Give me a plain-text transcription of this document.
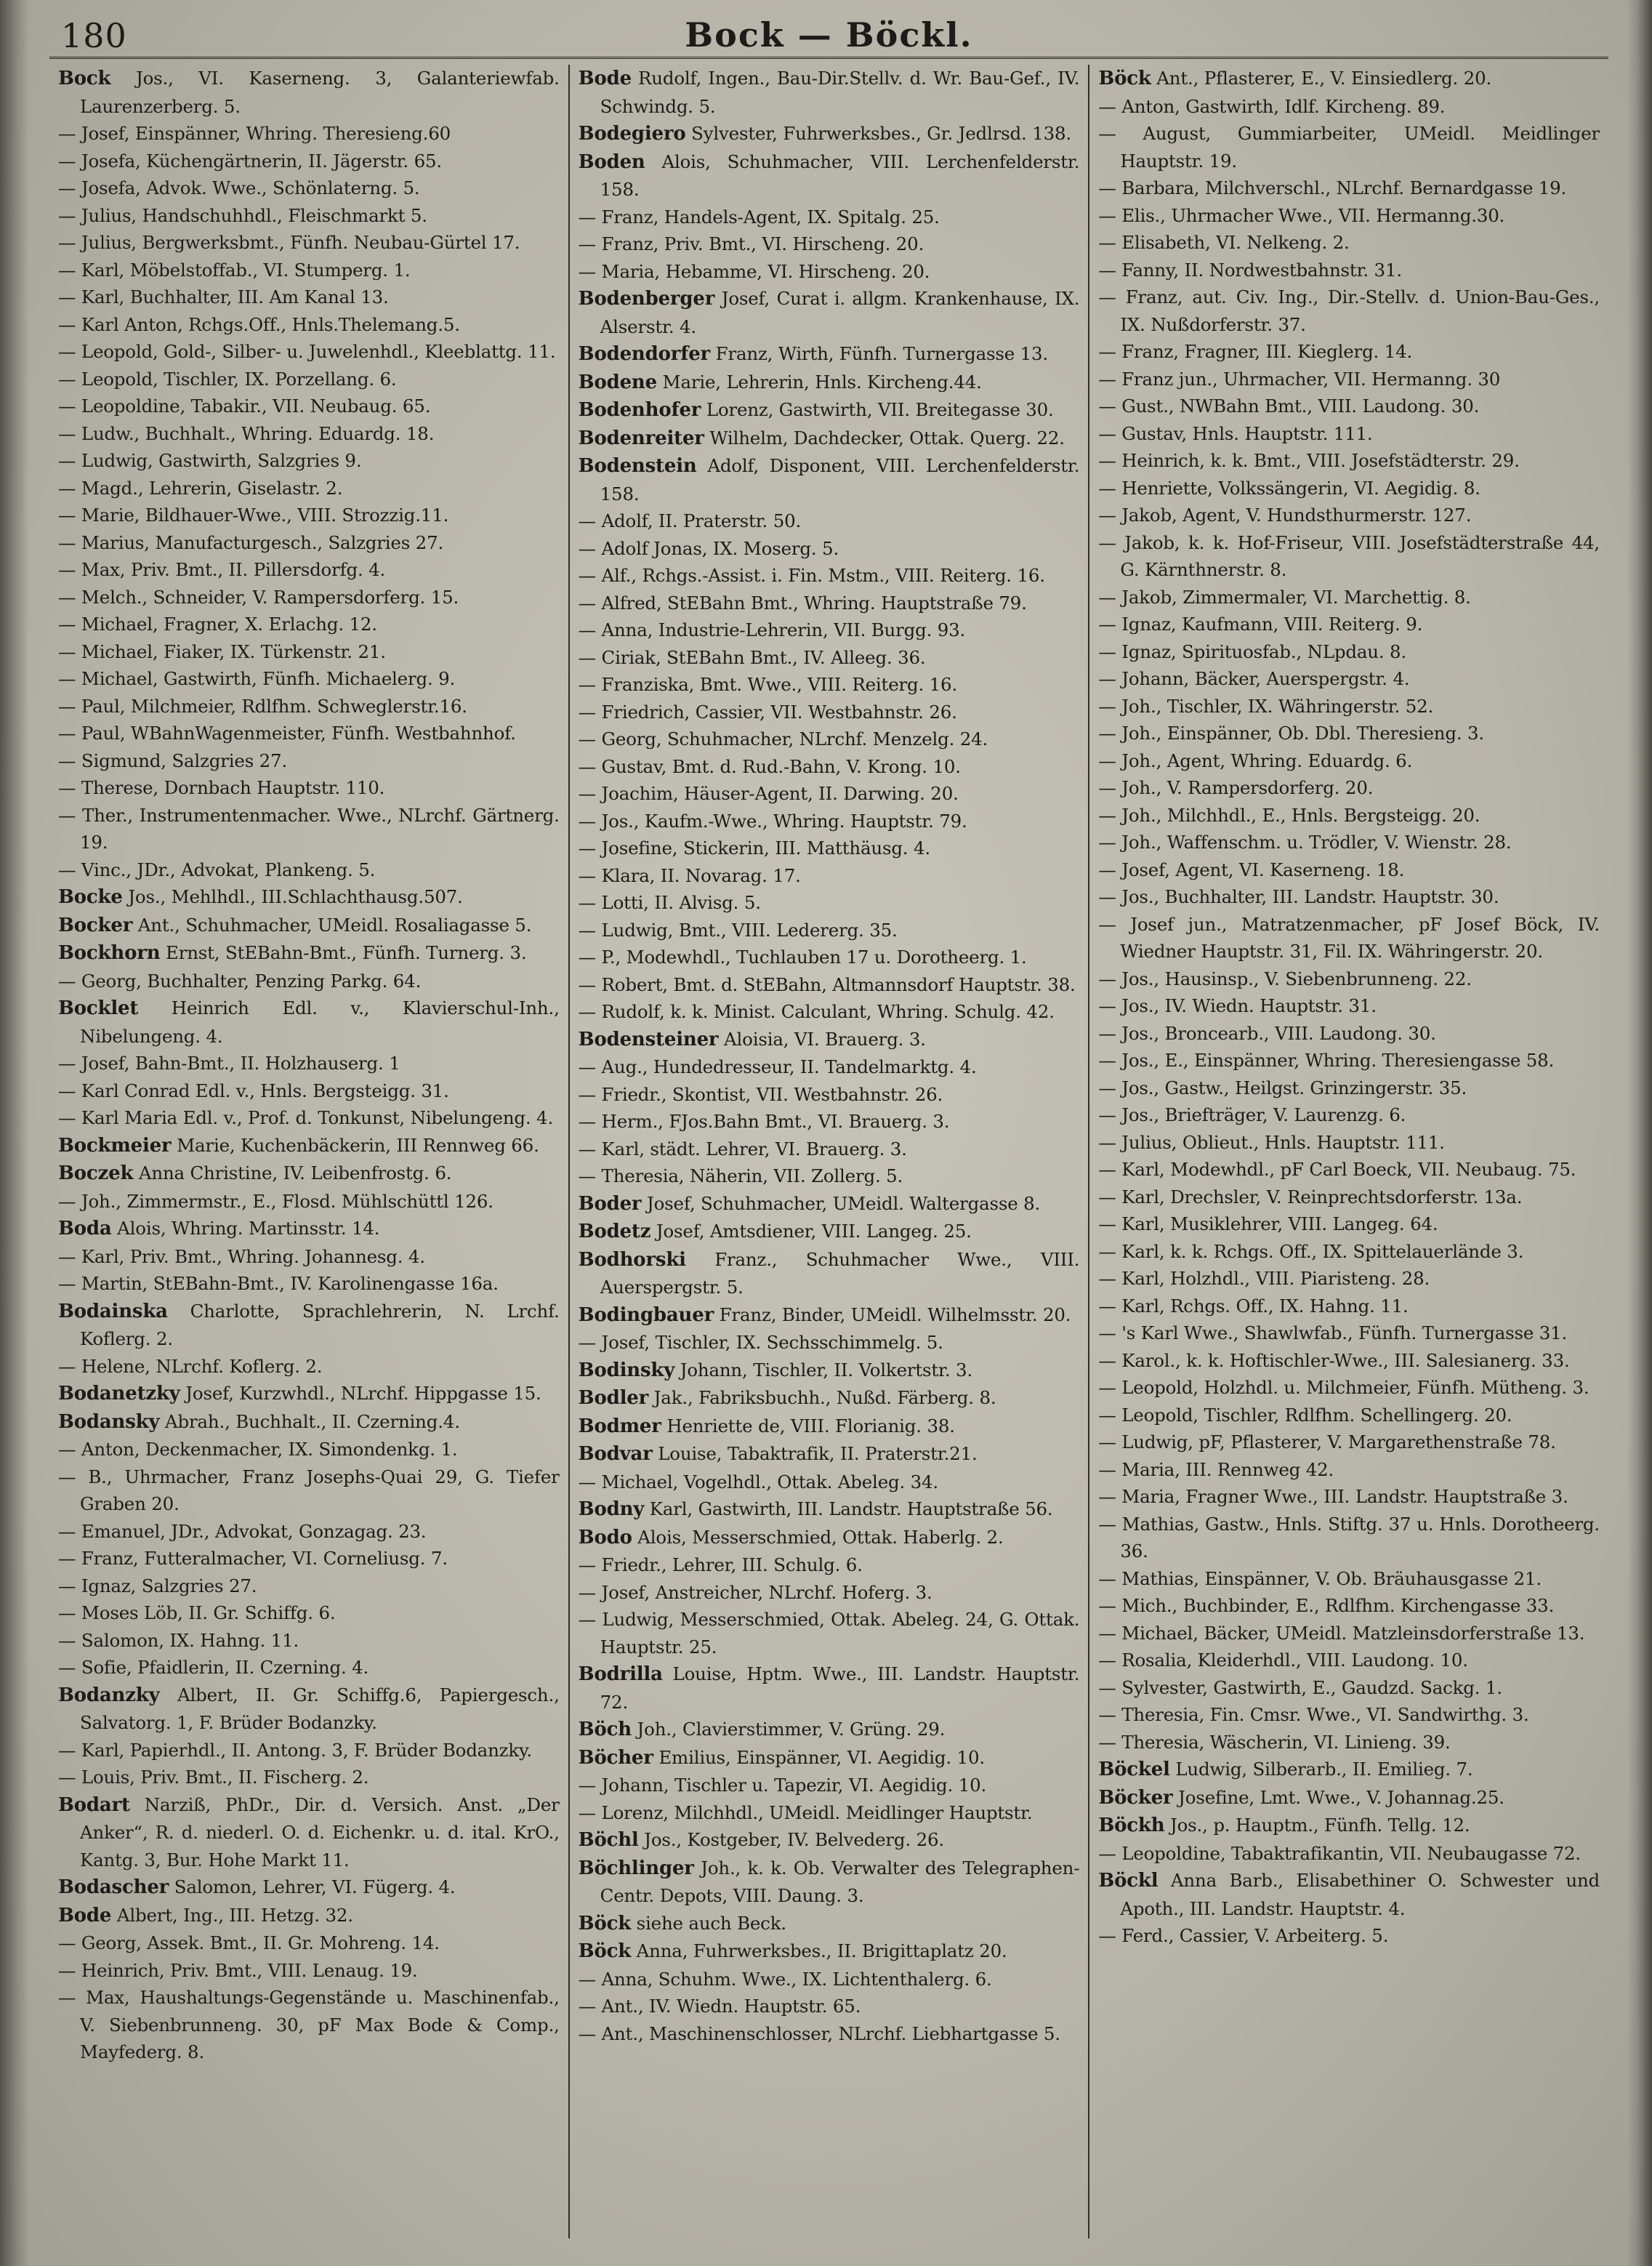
180	Bock — Böckl.
Bock Jos., VI. Kaserneng. 3, Galanteriewfab. Laurenzerberg. 5.
— Josef, Einspänner, Whring. Theresieng.60
— Josefa, Küchengärtnerin, II. Jägerstr. 65.
— Josefa, Advok. Wwe., Schönlaterng. 5.
— Julius, Handschuhhdl., Fleischmarkt 5.
— Julius, Bergwerksbmt., Fünfh. Neubau-Gürtel 17.
— Karl, Möbelstoffab., VI. Stumperg. 1.
— Karl, Buchhalter, III. Am Kanal 13.
— Karl Anton, Rchgs.Off., Hnls.Thelemang.5.
— Leopold, Gold-, Silber- u. Juwelenhdl., Kleeblattg. 11.
— Leopold, Tischler, IX. Porzellang. 6.
— Leopoldine, Tabakir., VII. Neubaug. 65.
— Ludw., Buchhalt., Whring. Eduardg. 18.
— Ludwig, Gastwirth, Salzgries 9.
— Magd., Lehrerin, Giselastr. 2.
— Marie, Bildhauer-Wwe., VIII. Strozzig.11.
— Marius, Manufacturgesch., Salzgries 27.
— Max, Priv. Bmt., II. Pillersdorfg. 4.
— Melch., Schneider, V. Rampersdorferg. 15.
— Michael, Fragner, X. Erlachg. 12.
— Michael, Fiaker, IX. Türkenstr. 21.
— Michael, Gastwirth, Fünfh. Michaelerg. 9.
— Paul, Milchmeier, Rdlfhm. Schweglerstr.16.
— Paul, WBahnWagenmeister, Fünfh. Westbahnhof.
— Sigmund, Salzgries 27.
— Therese, Dornbach Hauptstr. 110.
— Ther., Instrumentenmacher. Wwe., NLrchf. Gärtnerg. 19.
— Vinc., JDr., Advokat, Plankeng. 5.
Bocke Jos., Mehlhdl., III.Schlachthausg.507.
Bocker Ant., Schuhmacher, UMeidl. Rosaliagasse 5.
Bockhorn Ernst, StEBahn-Bmt., Fünfh. Turnerg. 3.
— Georg, Buchhalter, Penzing Parkg. 64.
Bocklet Heinrich Edl. v., Klavierschul-Inh., Nibelungeng. 4.
— Josef, Bahn-Bmt., II. Holzhauserg. 1
— Karl Conrad Edl. v., Hnls. Bergsteigg. 31.
— Karl Maria Edl. v., Prof. d. Tonkunst, Nibelungeng. 4.
Bockmeier Marie, Kuchenbäckerin, III Rennweg 66.
Boczek Anna Christine, IV. Leibenfrostg. 6.
— Joh., Zimmermstr., E., Flosd. Mühlschüttl 126.
Boda Alois, Whring. Martinsstr. 14.
— Karl, Priv. Bmt., Whring. Johannesg. 4.
— Martin, StEBahn-Bmt., IV. Karolinengasse 16a.
Bodainska Charlotte, Sprachlehrerin, N. Lrchf. Koflerg. 2.
— Helene, NLrchf. Koflerg. 2.
Bodanetzky Josef, Kurzwhdl., NLrchf. Hippgasse 15.
Bodansky Abrah., Buchhalt., II. Czerning.4.
— Anton, Deckenmacher, IX. Simondenkg. 1.
— B., Uhrmacher, Franz Josephs-Quai 29, G. Tiefer Graben 20.
— Emanuel, JDr., Advokat, Gonzagag. 23.
— Franz, Futteralmacher, VI. Corneliusg. 7.
— Ignaz, Salzgries 27.
— Moses Löb, II. Gr. Schiffg. 6.
— Salomon, IX. Hahng. 11.
— Sofie, Pfaidlerin, II. Czerning. 4.
Bodanzky Albert, II. Gr. Schiffg.6, Papiergesch., Salvatorg. 1, F. Brüder Bodanzky.
— Karl, Papierhdl., II. Antong. 3, F. Brüder Bodanzky.
— Louis, Priv. Bmt., II. Fischerg. 2.
Bodart Narziß, PhDr., Dir. d. Versich. Anst. „Der Anker“, R. d. niederl. O. d. Eichenkr. u. d. ital. KrO., Kantg. 3, Bur. Hohe Markt 11.
Bodascher Salomon, Lehrer, VI. Fügerg. 4.
Bode Albert, Ing., III. Hetzg. 32.
— Georg, Assek. Bmt., II. Gr. Mohreng. 14.
— Heinrich, Priv. Bmt., VIII. Lenaug. 19.
— Max, Haushaltungs-Gegenstände u. Maschinenfab., V. Siebenbrunneng. 30, pF Max Bode & Comp., Mayfederg. 8.
Bode Rudolf, Ingen., Bau-Dir.Stellv. d. Wr. Bau-Gef., IV. Schwindg. 5.
Bodegiero Sylvester, Fuhrwerksbes., Gr. Jedlrsd. 138.
Boden Alois, Schuhmacher, VIII. Lerchenfelderstr. 158.
— Franz, Handels-Agent, IX. Spitalg. 25.
— Franz, Priv. Bmt., VI. Hirscheng. 20.
— Maria, Hebamme, VI. Hirscheng. 20.
Bodenberger Josef, Curat i. allgm. Krankenhause, IX. Alserstr. 4.
Bodendorfer Franz, Wirth, Fünfh. Turnergasse 13.
Bodene Marie, Lehrerin, Hnls. Kircheng.44.
Bodenhofer Lorenz, Gastwirth, VII. Breitegasse 30.
Bodenreiter Wilhelm, Dachdecker, Ottak. Querg. 22.
Bodenstein Adolf, Disponent, VIII. Lerchenfelderstr. 158.
— Adolf, II. Praterstr. 50.
— Adolf Jonas, IX. Moserg. 5.
— Alf., Rchgs.-Assist. i. Fin. Mstm., VIII. Reiterg. 16.
— Alfred, StEBahn Bmt., Whring. Hauptstraße 79.
— Anna, Industrie-Lehrerin, VII. Burgg. 93.
— Ciriak, StEBahn Bmt., IV. Alleeg. 36.
— Franziska, Bmt. Wwe., VIII. Reiterg. 16.
— Friedrich, Cassier, VII. Westbahnstr. 26.
— Georg, Schuhmacher, NLrchf. Menzelg. 24.
— Gustav, Bmt. d. Rud.-Bahn, V. Krong. 10.
— Joachim, Häuser-Agent, II. Darwing. 20.
— Jos., Kaufm.-Wwe., Whring. Hauptstr. 79.
— Josefine, Stickerin, III. Matthäusg. 4.
— Klara, II. Novarag. 17.
— Lotti, II. Alvisg. 5.
— Ludwig, Bmt., VIII. Ledererg. 35.
— P., Modewhdl., Tuchlauben 17 u. Dorotheerg. 1.
— Robert, Bmt. d. StEBahn, Altmannsdorf Hauptstr. 38.
— Rudolf, k. k. Minist. Calculant, Whring. Schulg. 42.
Bodensteiner Aloisia, VI. Brauerg. 3.
— Aug., Hundedresseur, II. Tandelmarktg. 4.
— Friedr., Skontist, VII. Westbahnstr. 26.
— Herm., FJos.Bahn Bmt., VI. Brauerg. 3.
— Karl, städt. Lehrer, VI. Brauerg. 3.
— Theresia, Näherin, VII. Zollerg. 5.
Boder Josef, Schuhmacher, UMeidl. Waltergasse 8.
Bodetz Josef, Amtsdiener, VIII. Langeg. 25.
Bodhorski Franz., Schuhmacher Wwe., VIII. Auerspergstr. 5.
Bodingbauer Franz, Binder, UMeidl. Wilhelmsstr. 20.
— Josef, Tischler, IX. Sechsschimmelg. 5.
Bodinsky Johann, Tischler, II. Volkertstr. 3.
Bodler Jak., Fabriksbuchh., Nußd. Färberg. 8.
Bodmer Henriette de, VIII. Florianig. 38.
Bodvar Louise, Tabaktrafik, II. Praterstr.21.
— Michael, Vogelhdl., Ottak. Abeleg. 34.
Bodny Karl, Gastwirth, III. Landstr. Hauptstraße 56.
Bodo Alois, Messerschmied, Ottak. Haberlg. 2.
— Friedr., Lehrer, III. Schulg. 6.
— Josef, Anstreicher, NLrchf. Hoferg. 3.
— Ludwig, Messerschmied, Ottak. Abeleg. 24, G. Ottak. Hauptstr. 25.
Bodrilla Louise, Hptm. Wwe., III. Landstr. Hauptstr. 72.
Böch Joh., Clavierstimmer, V. Grüng. 29.
Böcher Emilius, Einspänner, VI. Aegidig. 10.
— Johann, Tischler u. Tapezir, VI. Aegidig. 10.
— Lorenz, Milchhdl., UMeidl. Meidlinger Hauptstr.
Böchl Jos., Kostgeber, IV. Belvederg. 26.
Böchlinger Joh., k. k. Ob. Verwalter des Telegraphen-Centr. Depots, VIII. Daung. 3.
Böck siehe auch Beck.
Böck Anna, Fuhrwerksbes., II. Brigittaplatz 20.
— Anna, Schuhm. Wwe., IX. Lichtenthalerg. 6.
— Ant., IV. Wiedn. Hauptstr. 65.
— Ant., Maschinenschlosser, NLrchf. Liebhartgasse 5.
Böck Ant., Pflasterer, E., V. Einsiedlerg. 20.
— Anton, Gastwirth, Idlf. Kircheng. 89.
— August, Gummiarbeiter, UMeidl. Meidlinger Hauptstr. 19.
— Barbara, Milchverschl., NLrchf. Bernardgasse 19.
— Elis., Uhrmacher Wwe., VII. Hermanng.30.
— Elisabeth, VI. Nelkeng. 2.
— Fanny, II. Nordwestbahnstr. 31.
— Franz, aut. Civ. Ing., Dir.-Stellv. d. Union-Bau-Ges., IX. Nußdorferstr. 37.
— Franz, Fragner, III. Kieglerg. 14.
— Franz jun., Uhrmacher, VII. Hermanng. 30
— Gust., NWBahn Bmt., VIII. Laudong. 30.
— Gustav, Hnls. Hauptstr. 111.
— Heinrich, k. k. Bmt., VIII. Josefstädterstr. 29.
— Henriette, Volkssängerin, VI. Aegidig. 8.
— Jakob, Agent, V. Hundsthurmerstr. 127.
— Jakob, k. k. Hof-Friseur, VIII. Josefstädterstraße 44, G. Kärnthnerstr. 8.
— Jakob, Zimmermaler, VI. Marchettig. 8.
— Ignaz, Kaufmann, VIII. Reiterg. 9.
— Ignaz, Spirituosfab., NLpdau. 8.
— Johann, Bäcker, Auerspergstr. 4.
— Joh., Tischler, IX. Währingerstr. 52.
— Joh., Einspänner, Ob. Dbl. Theresieng. 3.
— Joh., Agent, Whring. Eduardg. 6.
— Joh., V. Rampersdorferg. 20.
— Joh., Milchhdl., E., Hnls. Bergsteigg. 20.
— Joh., Waffenschm. u. Trödler, V. Wienstr. 28.
— Josef, Agent, VI. Kaserneng. 18.
— Jos., Buchhalter, III. Landstr. Hauptstr. 30.
— Josef jun., Matratzenmacher, pF Josef Böck, IV. Wiedner Hauptstr. 31, Fil. IX. Währingerstr. 20.
— Jos., Hausinsp., V. Siebenbrunneng. 22.
— Jos., IV. Wiedn. Hauptstr. 31.
— Jos., Broncearb., VIII. Laudong. 30.
— Jos., E., Einspänner, Whring. Theresiengasse 58.
— Jos., Gastw., Heilgst. Grinzingerstr. 35.
— Jos., Briefträger, V. Laurenzg. 6.
— Julius, Oblieut., Hnls. Hauptstr. 111.
— Karl, Modewhdl., pF Carl Boeck, VII. Neubaug. 75.
— Karl, Drechsler, V. Reinprechtsdorferstr. 13a.
— Karl, Musiklehrer, VIII. Langeg. 64.
— Karl, k. k. Rchgs. Off., IX. Spittelauerlände 3.
— Karl, Holzhdl., VIII. Piaristeng. 28.
— Karl, Rchgs. Off., IX. Hahng. 11.
— 's Karl Wwe., Shawlwfab., Fünfh. Turnergasse 31.
— Karol., k. k. Hoftischler-Wwe., III. Salesianerg. 33.
— Leopold, Holzhdl. u. Milchmeier, Fünfh. Mütheng. 3.
— Leopold, Tischler, Rdlfhm. Schellingerg. 20.
— Ludwig, pF, Pflasterer, V. Margarethenstraße 78.
— Maria, III. Rennweg 42.
— Maria, Fragner Wwe., III. Landstr. Hauptstraße 3.
— Mathias, Gastw., Hnls. Stiftg. 37 u. Hnls. Dorotheerg. 36.
— Mathias, Einspänner, V. Ob. Bräuhausgasse 21.
— Mich., Buchbinder, E., Rdlfhm. Kirchengasse 33.
— Michael, Bäcker, UMeidl. Matzleinsdorferstraße 13.
— Rosalia, Kleiderhdl., VIII. Laudong. 10.
— Sylvester, Gastwirth, E., Gaudzd. Sackg. 1.
— Theresia, Fin. Cmsr. Wwe., VI. Sandwirthg. 3.
— Theresia, Wäscherin, VI. Linieng. 39.
Böckel Ludwig, Silberarb., II. Emilieg. 7.
Böcker Josefine, Lmt. Wwe., V. Johannag.25.
Böckh Jos., p. Hauptm., Fünfh. Tellg. 12.
— Leopoldine, Tabaktrafikantin, VII. Neubaugasse 72.
Böckl Anna Barb., Elisabethiner O. Schwester und Apoth., III. Landstr. Hauptstr. 4.
— Ferd., Cassier, V. Arbeiterg. 5.
